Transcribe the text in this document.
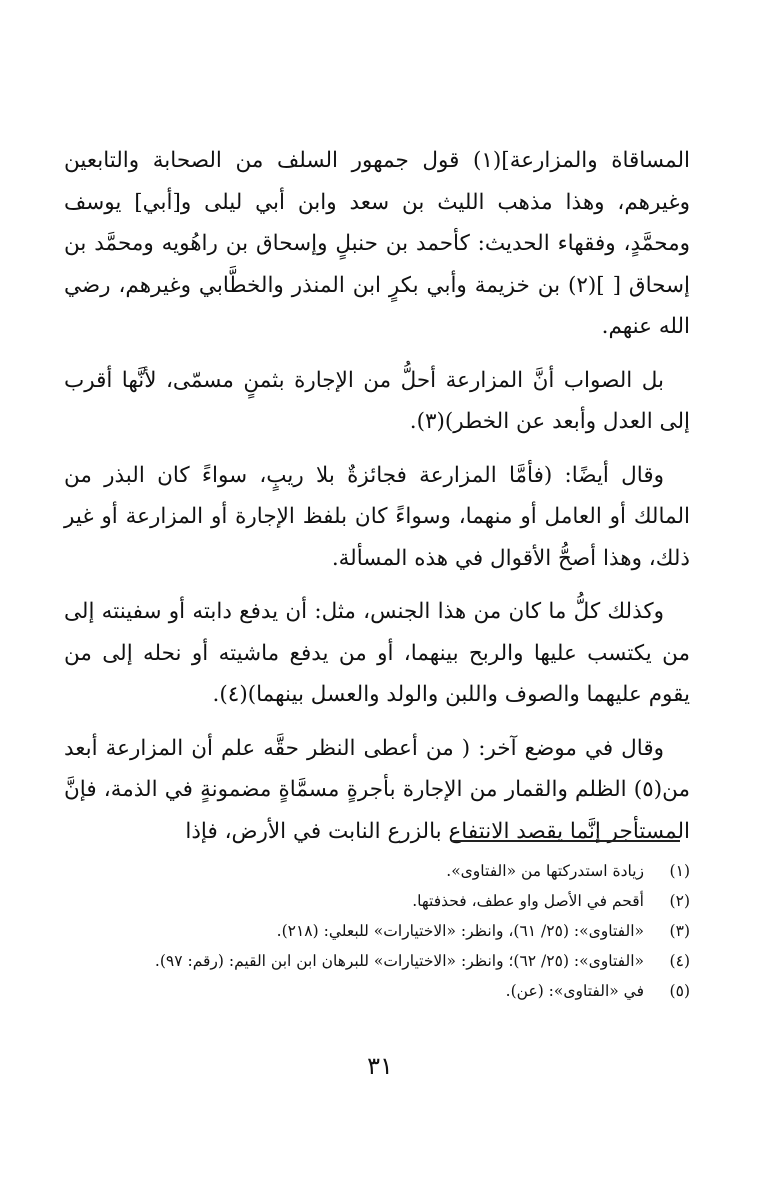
المساقاة والمزارعة](١) قول جمهور السلف من الصحابة والتابعين وغيرهم، وهذا مذهب الليث بن سعد وابن أبي ليلى و[أبي] يوسف ومحمَّدٍ، وفقهاء الحديث: كأحمد بن حنبلٍ وإسحاق بن راهُويه ومحمَّد بن إسحاق [ ](٢) بن خزيمة وأبي بكرٍ ابن المنذر والخطَّابي وغيرهم، رضي الله عنهم.

بل الصواب أنَّ المزارعة أحلُّ من الإجارة بثمنٍ مسمّى، لأنَّها أقرب إلى العدل وأبعد عن الخطر)(٣).

وقال أيضًا: (فأمَّا المزارعة فجائزةٌ بلا ريبٍ، سواءً كان البذر من المالك أو العامل أو منهما، وسواءً كان بلفظ الإجارة أو المزارعة أو غير ذلك، وهذا أصحُّ الأقوال في هذه المسألة.

وكذلك كلُّ ما كان من هذا الجنس، مثل: أن يدفع دابته أو سفينته إلى من يكتسب عليها والربح بينهما، أو من يدفع ماشيته أو نحله إلى من يقوم عليهما والصوف واللبن والولد والعسل بينهما)(٤).

وقال في موضع آخر: ( من أعطى النظر حقَّه علم أن المزارعة أبعد من(٥) الظلم والقمار من الإجارة بأجرةٍ مسمَّاةٍ مضمونةٍ في الذمة، فإنَّ المستأجر إنَّما يقصد الانتفاع بالزرع النابت في الأرض، فإذا

(١)
زيادة استدركتها من «الفتاوى».
(٢)
أقحم في الأصل واو عطف، فحذفتها.
(٣)
«الفتاوى»: (٢٥/ ٦١)، وانظر: «الاختيارات» للبعلي: (٢١٨).
(٤)
«الفتاوى»: (٢٥/ ٦٢)؛ وانظر: «الاختيارات» للبرهان ابن ابن القيم: (رقم: ٩٧).
(٥)
في «الفتاوى»: (عن).
٣١
